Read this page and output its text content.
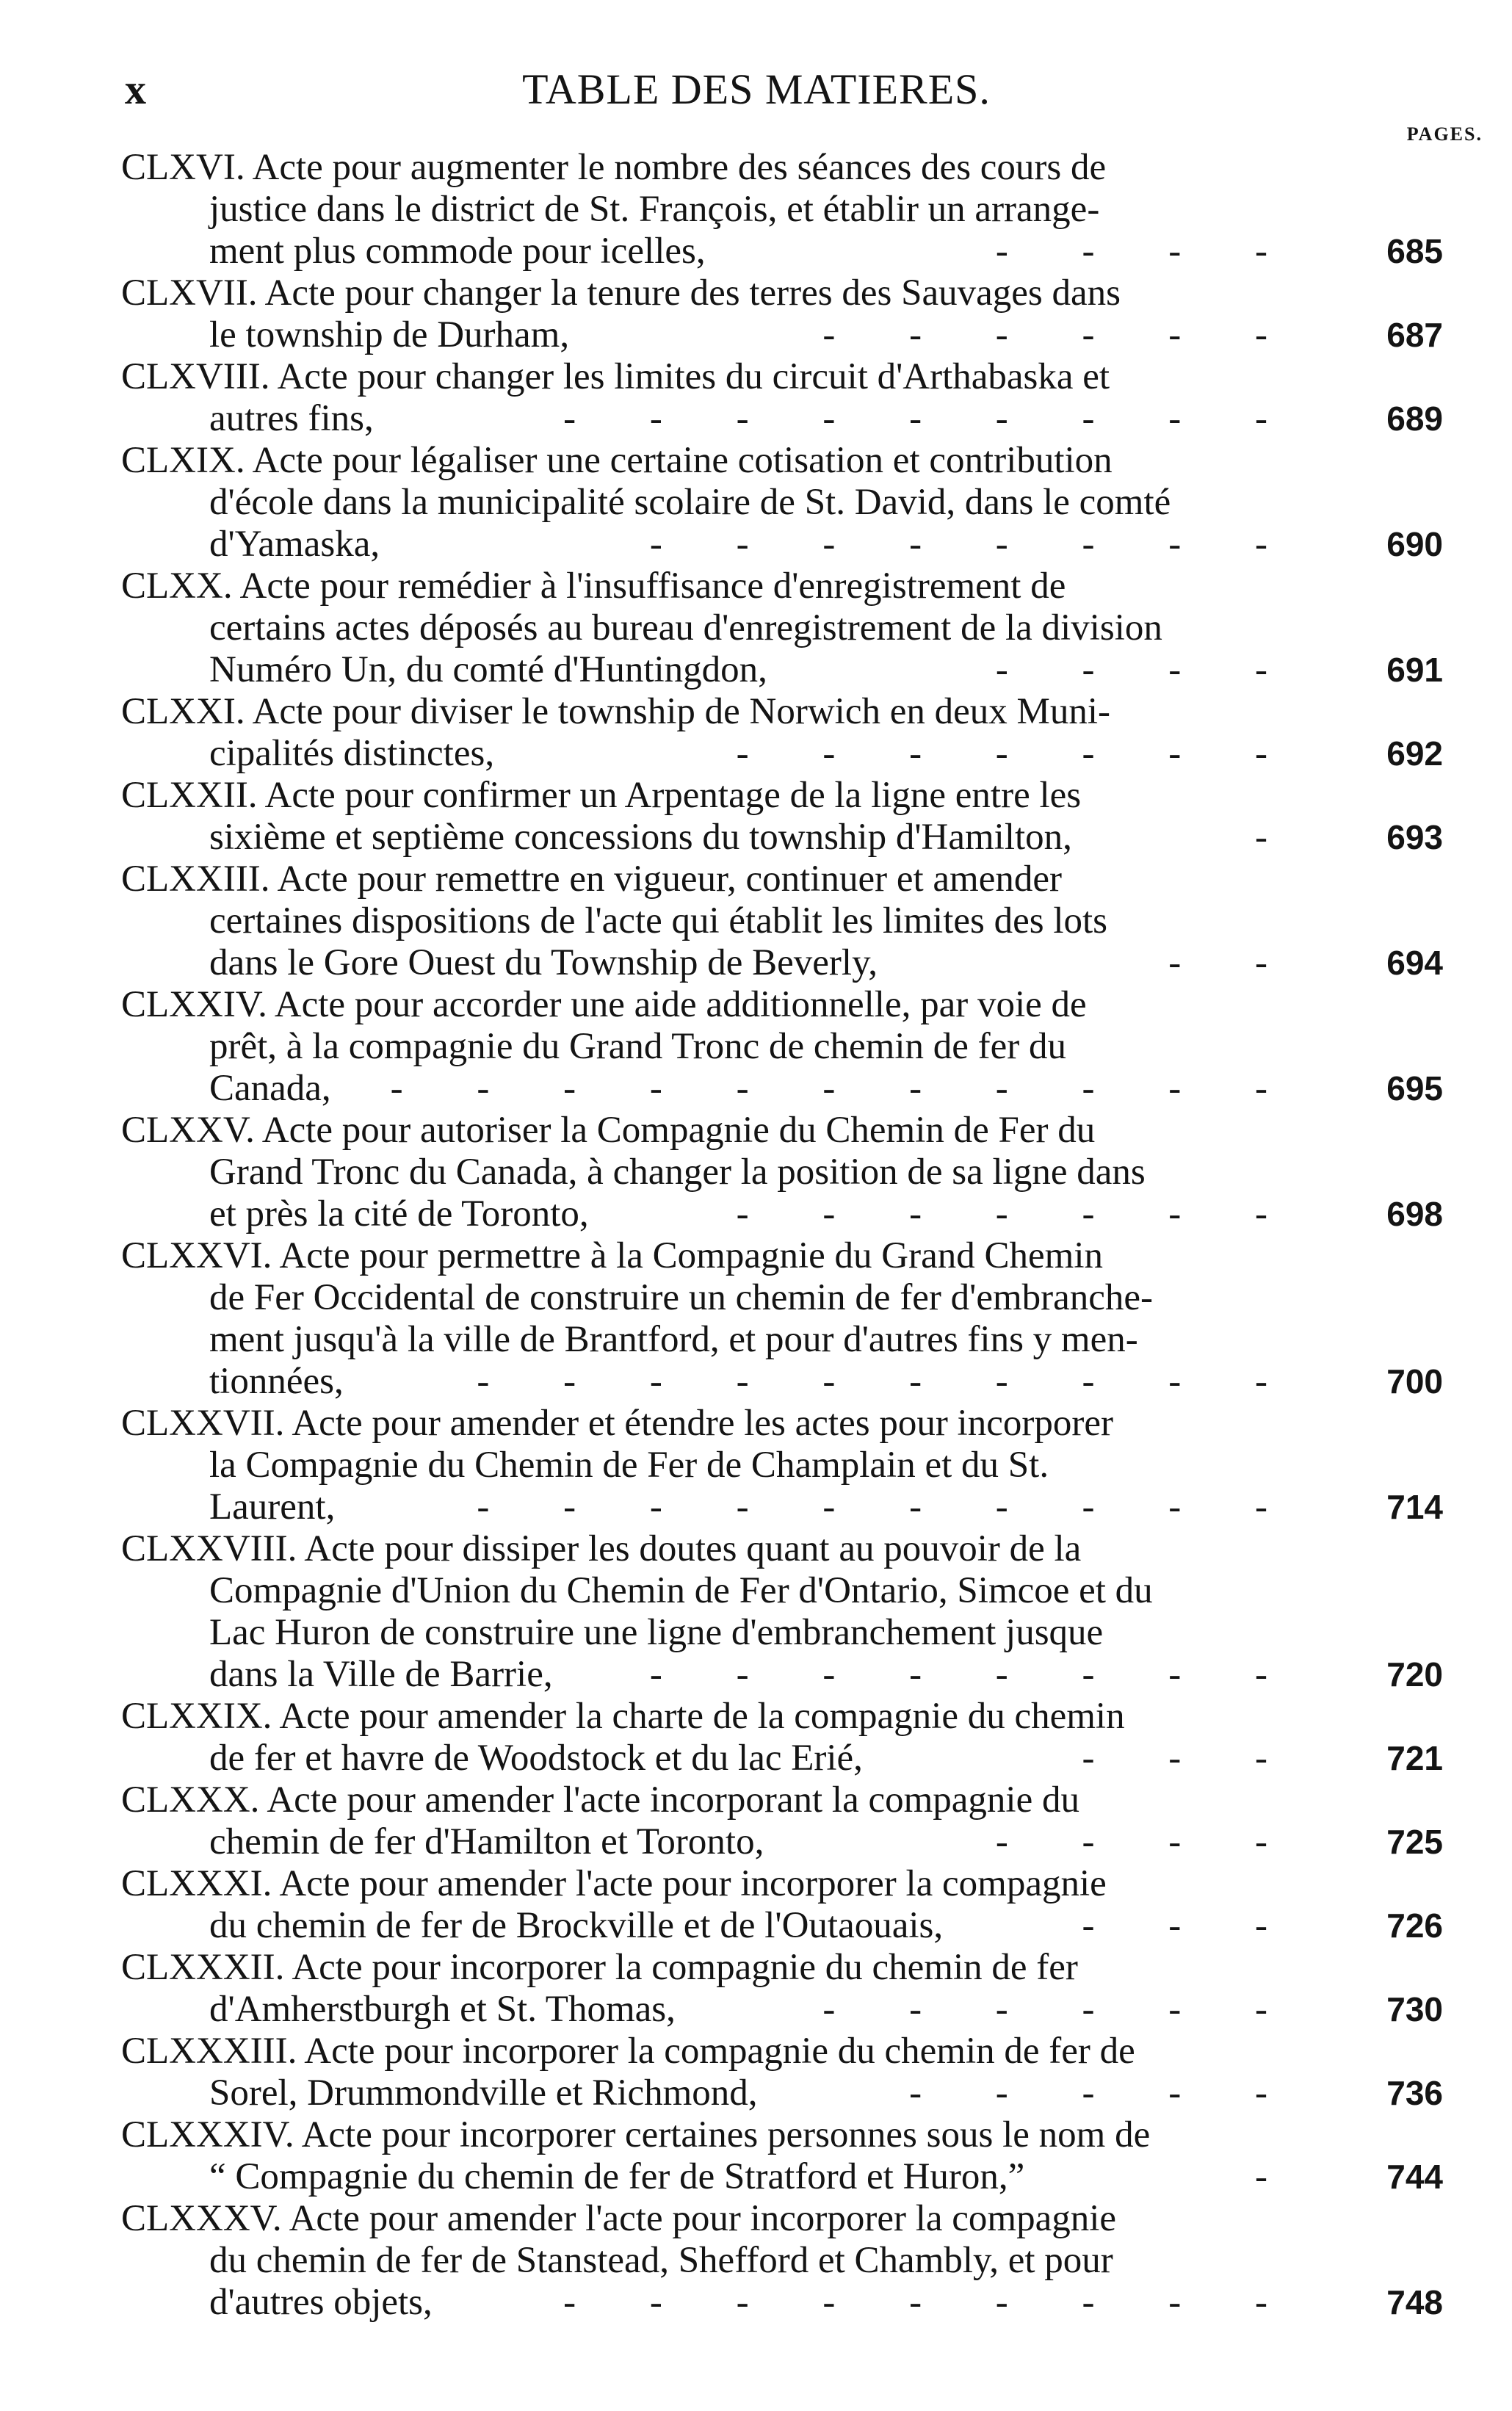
x	TABLE DES MATIERES.
PAGES.
CLXVI. Acte pour augmenter le nombre des séances des cours de
justice dans le district de St. François, et établir un arrange-
ment plus commode pour icelles,	- - - -	685
CLXVII. Acte pour changer la tenure des terres des Sauvages dans
le township de Durham,	- - - - - -	687
CLXVIII. Acte pour changer les limites du circuit d'Arthabaska et
autres fins,	- - - - - - - - -	689
CLXIX. Acte pour légaliser une certaine cotisation et contribution
d'école dans la municipalité scolaire de St. David, dans le comté
d'Yamaska,	- - - - - - - -	690
CLXX. Acte pour remédier à l'insuffisance d'enregistrement de
certains actes déposés au bureau d'enregistrement de la division
Numéro Un, du comté d'Huntingdon,	- - - -	691
CLXXI. Acte pour diviser le township de Norwich en deux Muni-
cipalités distinctes,	- - - - - - -	692
CLXXII. Acte pour confirmer un Arpentage de la ligne entre les
sixième et septième concessions du township d'Hamilton,	-	693
CLXXIII. Acte pour remettre en vigueur, continuer et amender
certaines dispositions de l'acte qui établit les limites des lots
dans le Gore Ouest du Township de Beverly,	- -	694
CLXXIV. Acte pour accorder une aide additionnelle, par voie de
prêt, à la compagnie du Grand Tronc de chemin de fer du
Canada, - - - - - - - - - - -	695
CLXXV. Acte pour autoriser la Compagnie du Chemin de Fer du
Grand Tronc du Canada, à changer la position de sa ligne dans
et près la cité de Toronto,	- - - - - - -	698
CLXXVI. Acte pour permettre à la Compagnie du Grand Chemin
de Fer Occidental de construire un chemin de fer d'embranche-
ment jusqu'à la ville de Brantford, et pour d'autres fins y men-
tionnées,	- - - - - - - - - -	700
CLXXVII. Acte pour amender et étendre les actes pour incorporer
la Compagnie du Chemin de Fer de Champlain et du St.
Laurent,	- - - - - - - - - -	714
CLXXVIII. Acte pour dissiper les doutes quant au pouvoir de la
Compagnie d'Union du Chemin de Fer d'Ontario, Simcoe et du
Lac Huron de construire une ligne d'embranchement jusque
dans la Ville de Barrie,	- - - - - - - -	720
CLXXIX. Acte pour amender la charte de la compagnie du chemin
de fer et havre de Woodstock et du lac Erié,	- - -	721
CLXXX. Acte pour amender l'acte incorporant la compagnie du
chemin de fer d'Hamilton et Toronto,	- - - -	725
CLXXXI. Acte pour amender l'acte pour incorporer la compagnie
du chemin de fer de Brockville et de l'Outaouais,	- - -	726
CLXXXII. Acte pour incorporer la compagnie du chemin de fer
d'Amherstburgh et St. Thomas,	- - - - - -	730
CLXXXIII. Acte pour incorporer la compagnie du chemin de fer de
Sorel, Drummondville et Richmond,	- - - - -	736
CLXXXIV. Acte pour incorporer certaines personnes sous le nom de
“ Compagnie du chemin de fer de Stratford et Huron,”	-	744
CLXXXV. Acte pour amender l'acte pour incorporer la compagnie
du chemin de fer de Stanstead, Shefford et Chambly, et pour
d'autres objets,	- - - - - - - - -	748
